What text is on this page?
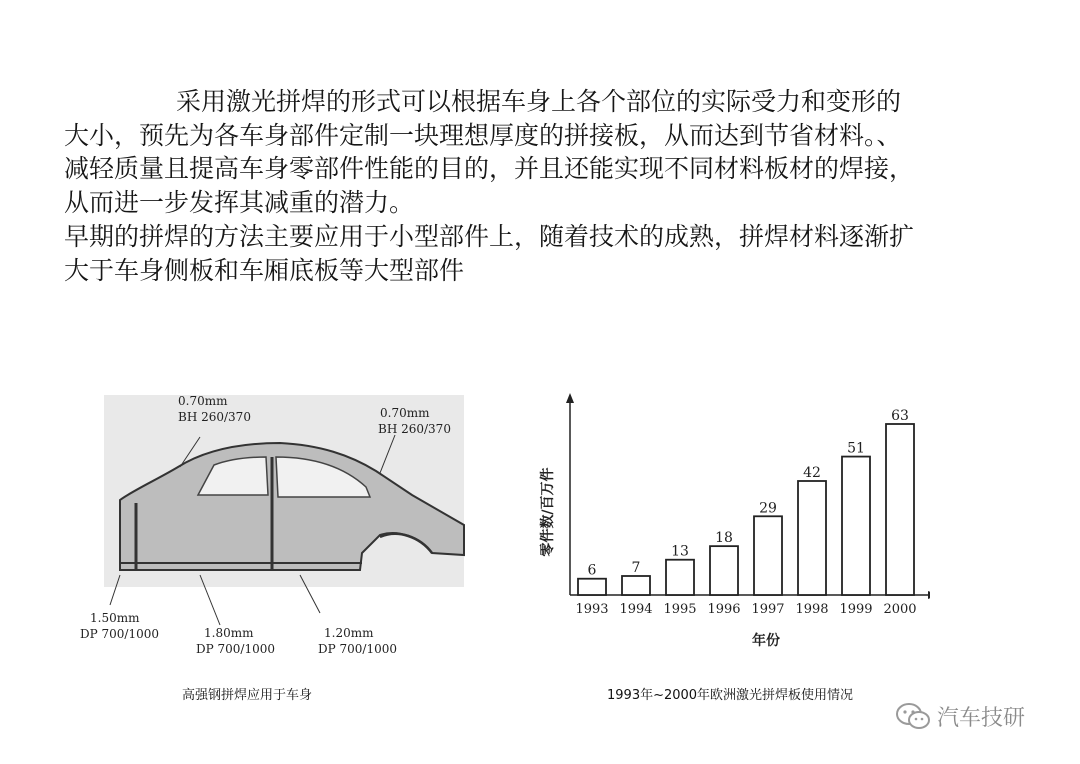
采用激光拼焊的形式可以根据车身上各个部位的实际受力和变形的大小，预先为各车身部件定制一块理想厚度的拼接板，从而达到节省材料。、减轻质量且提高车身零部件性能的目的，并且还能实现不同材料板材的焊接，从而进一步发挥其减重的潜力。

早期的拼焊的方法主要应用于小型部件上，随着技术的成熟，拼焊材料逐渐扩大于车身侧板和车厢底板等大型部件

0.70mm
BH 260/370	0.70mm
BH 260/370
1.50mm
DP 700/1000	1.80mm
DP 700/1000
1.20mm
DP 700/1000
6
1993
7
1994
13
1995
18
1996
29
1997
42
1998
51
1999
63
2000
年份
零件数/百万件
高强钢拼焊应用于车身	1993年~2000年欧洲激光拼焊板使用情况
汽车技研
